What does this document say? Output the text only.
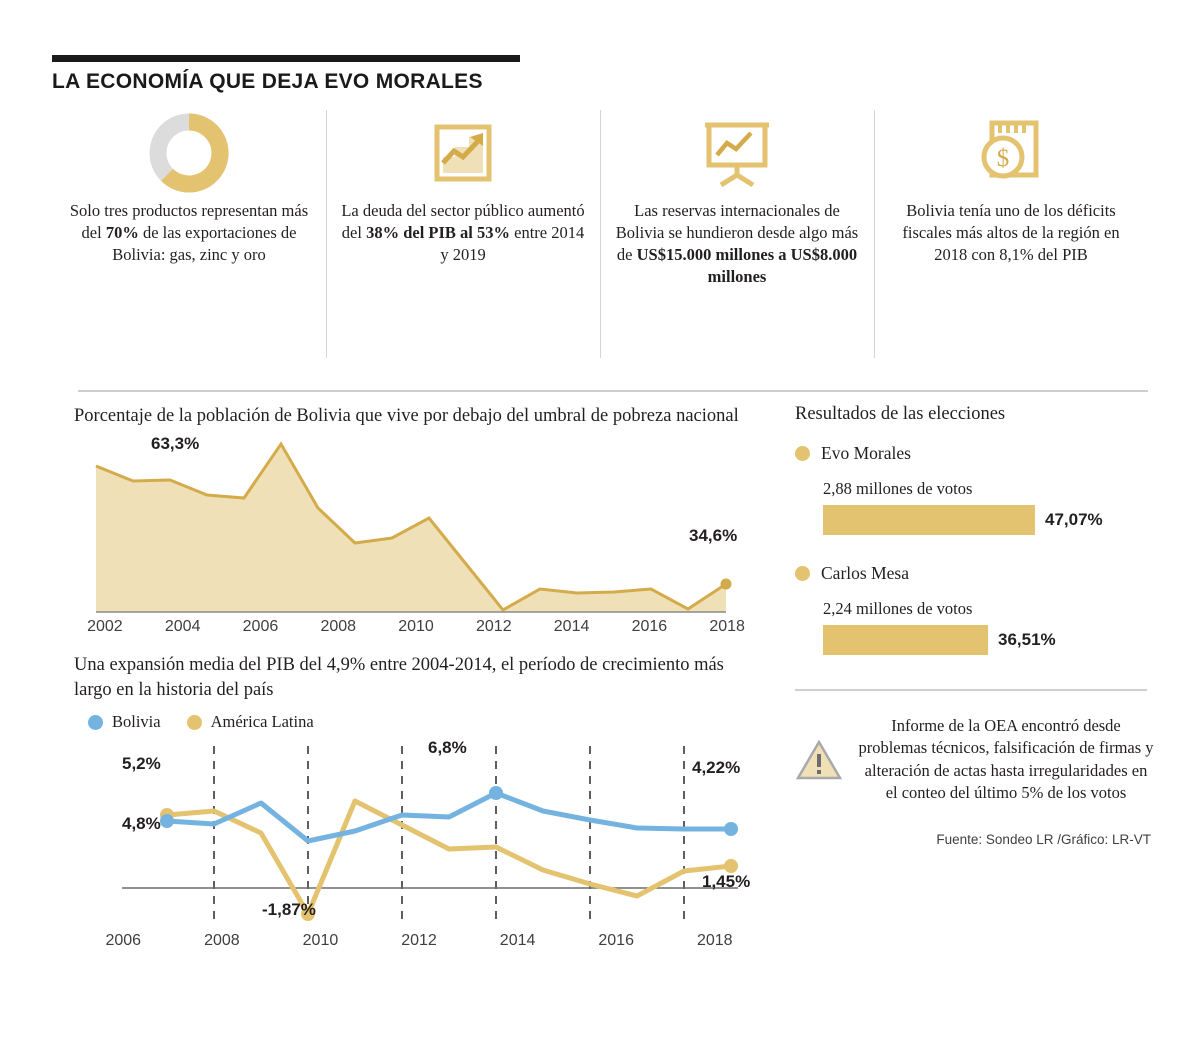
LA ECONOMÍA QUE DEJA EVO MORALES
Solo tres productos representan más del 70% de las exportaciones de Bolivia: gas, zinc y oro
La deuda del sector público aumentó del 38% del PIB al 53% entre 2014 y 2019
Las reservas internacionales de Bolivia se hundieron desde algo más de US$15.000 millones a US$8.000 millones
$
Bolivia tenía uno de los déficits fiscales más altos de la región en 2018 con 8,1% del PIB
Porcentaje de la población de Bolivia que vive por debajo del umbral de pobreza nacional
63,3%
34,6%
2002	2004	2006	2008	2010	2012	2014	2016	2018
Una expansión media del PIB del 4,9% entre 2004-2014, el período de crecimiento más largo en la historia del país
Bolivia	América Latina
5,2%
4,8%
-1,87%
6,8%
4,22%
1,45%
2006	2008	2010	2012	2014	2016	2018
Resultados de las elecciones
Evo Morales
2,88 millones de votos
47,07%
Carlos Mesa
2,24 millones de votos
36,51%
Informe de la OEA encontró desde problemas técnicos, falsificación de firmas y alteración de actas hasta irregularidades en el conteo del último 5% de los votos
Fuente: Sondeo LR /Gráfico: LR-VT
